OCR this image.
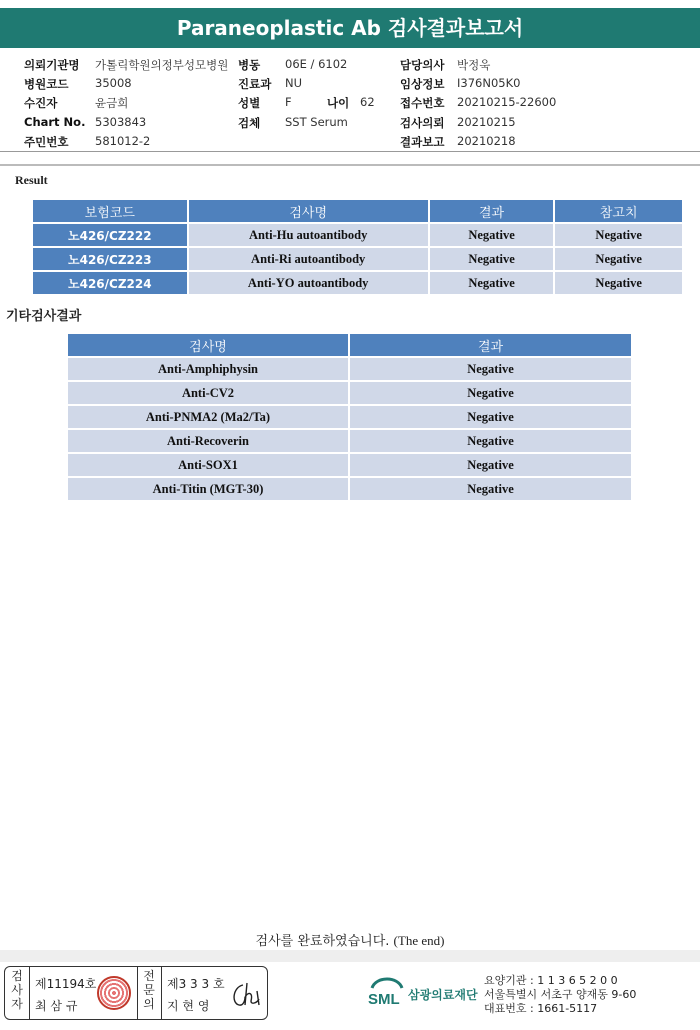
Paraneoplastic Ab 검사결과보고서
의뢰기관명 가톨릭학원의정부성모병원 병동 06E / 6102	담당의사 박정욱
병원코드 35008	진료과 NU	임상정보 I376N05K0
수진자	윤금희	성별 F	나이 62 접수번호 20210215-22600
Chart No. 5303843	검체 SST Serum	검사의뢰 20210215
주민번호 581012-2	결과보고 20210218
Result
보험코드	검사명	결과	참고치
노426/CZ222	Anti-Hu autoantibody	Negative	Negative
노426/CZ223	Anti-Ri autoantibody	Negative	Negative
노426/CZ224	Anti-YO autoantibody	Negative	Negative
기타검사결과
검사명	결과
Anti-Amphiphysin	Negative
Anti-CV2	Negative
Anti-PNMA2 (Ma2/Ta)	Negative
Anti-Recoverin	Negative
Anti-SOX1	Negative
Anti-Titin (MGT-30)	Negative
검사를 완료하였습니다. (The end)
검사자
제11194호
최 삼 규
전문의
제3 3 3 호
지 현 영	SML 삼광의료재단
요양기관 : 1 1 3 6 5 2 0 0
서울특별시 서초구 양재동 9-60
대표번호 : 1661-5117
